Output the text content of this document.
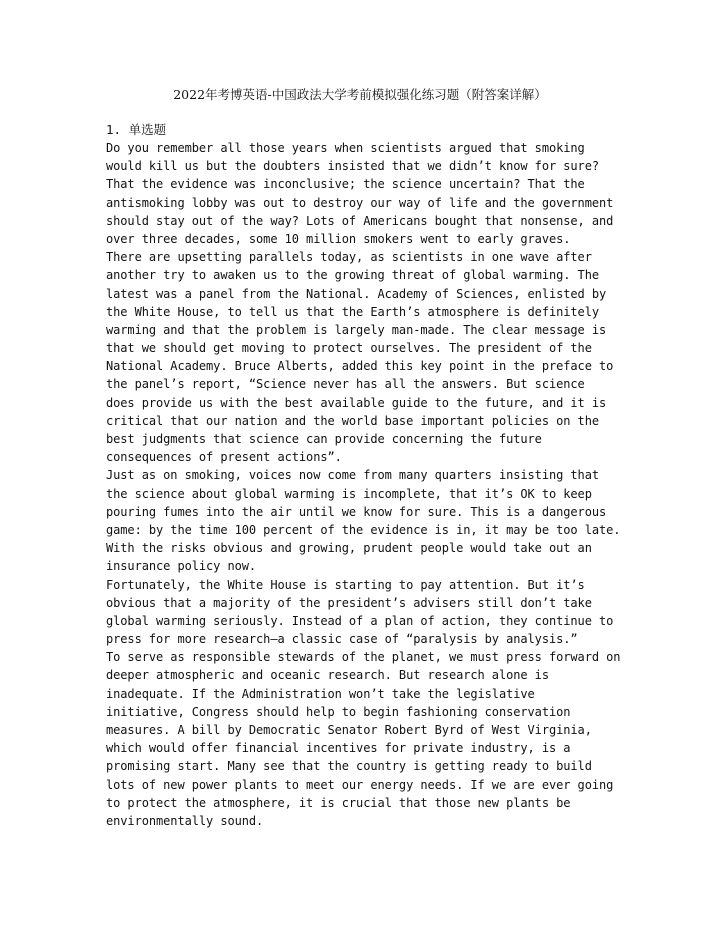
2022年考博英语-中国政法大学考前模拟强化练习题（附答案详解）
1. 单选题
Do you remember all those years when scientists argued that smoking
would kill us but the doubters insisted that we didn’t know for sure?
That the evidence was inconclusive; the science uncertain? That the
antismoking lobby was out to destroy our way of life and the government
should stay out of the way? Lots of Americans bought that nonsense, and
over three decades, some 10 million smokers went to early graves.
There are upsetting parallels today, as scientists in one wave after
another try to awaken us to the growing threat of global warming. The
latest was a panel from the National. Academy of Sciences, enlisted by
the White House, to tell us that the Earth’s atmosphere is definitely
warming and that the problem is largely man-made. The clear message is
that we should get moving to protect ourselves. The president of the
National Academy. Bruce Alberts, added this key point in the preface to
the panel’s report, “Science never has all the answers. But science
does provide us with the best available guide to the future, and it is
critical that our nation and the world base important policies on the
best judgments that science can provide concerning the future
consequences of present actions”.
Just as on smoking, voices now come from many quarters insisting that
the science about global warming is incomplete, that it’s OK to keep
pouring fumes into the air until we know for sure. This is a dangerous
game: by the time 100 percent of the evidence is in, it may be too late.
With the risks obvious and growing, prudent people would take out an
insurance policy now.
Fortunately, the White House is starting to pay attention. But it’s
obvious that a majority of the president’s advisers still don’t take
global warming seriously. Instead of a plan of action, they continue to
press for more research—a classic case of “paralysis by analysis.”
To serve as responsible stewards of the planet, we must press forward on
deeper atmospheric and oceanic research. But research alone is
inadequate. If the Administration won’t take the legislative
initiative, Congress should help to begin fashioning conservation
measures. A bill by Democratic Senator Robert Byrd of West Virginia,
which would offer financial incentives for private industry, is a
promising start. Many see that the country is getting ready to build
lots of new power plants to meet our energy needs. If we are ever going
to protect the atmosphere, it is crucial that those new plants be
environmentally sound.
